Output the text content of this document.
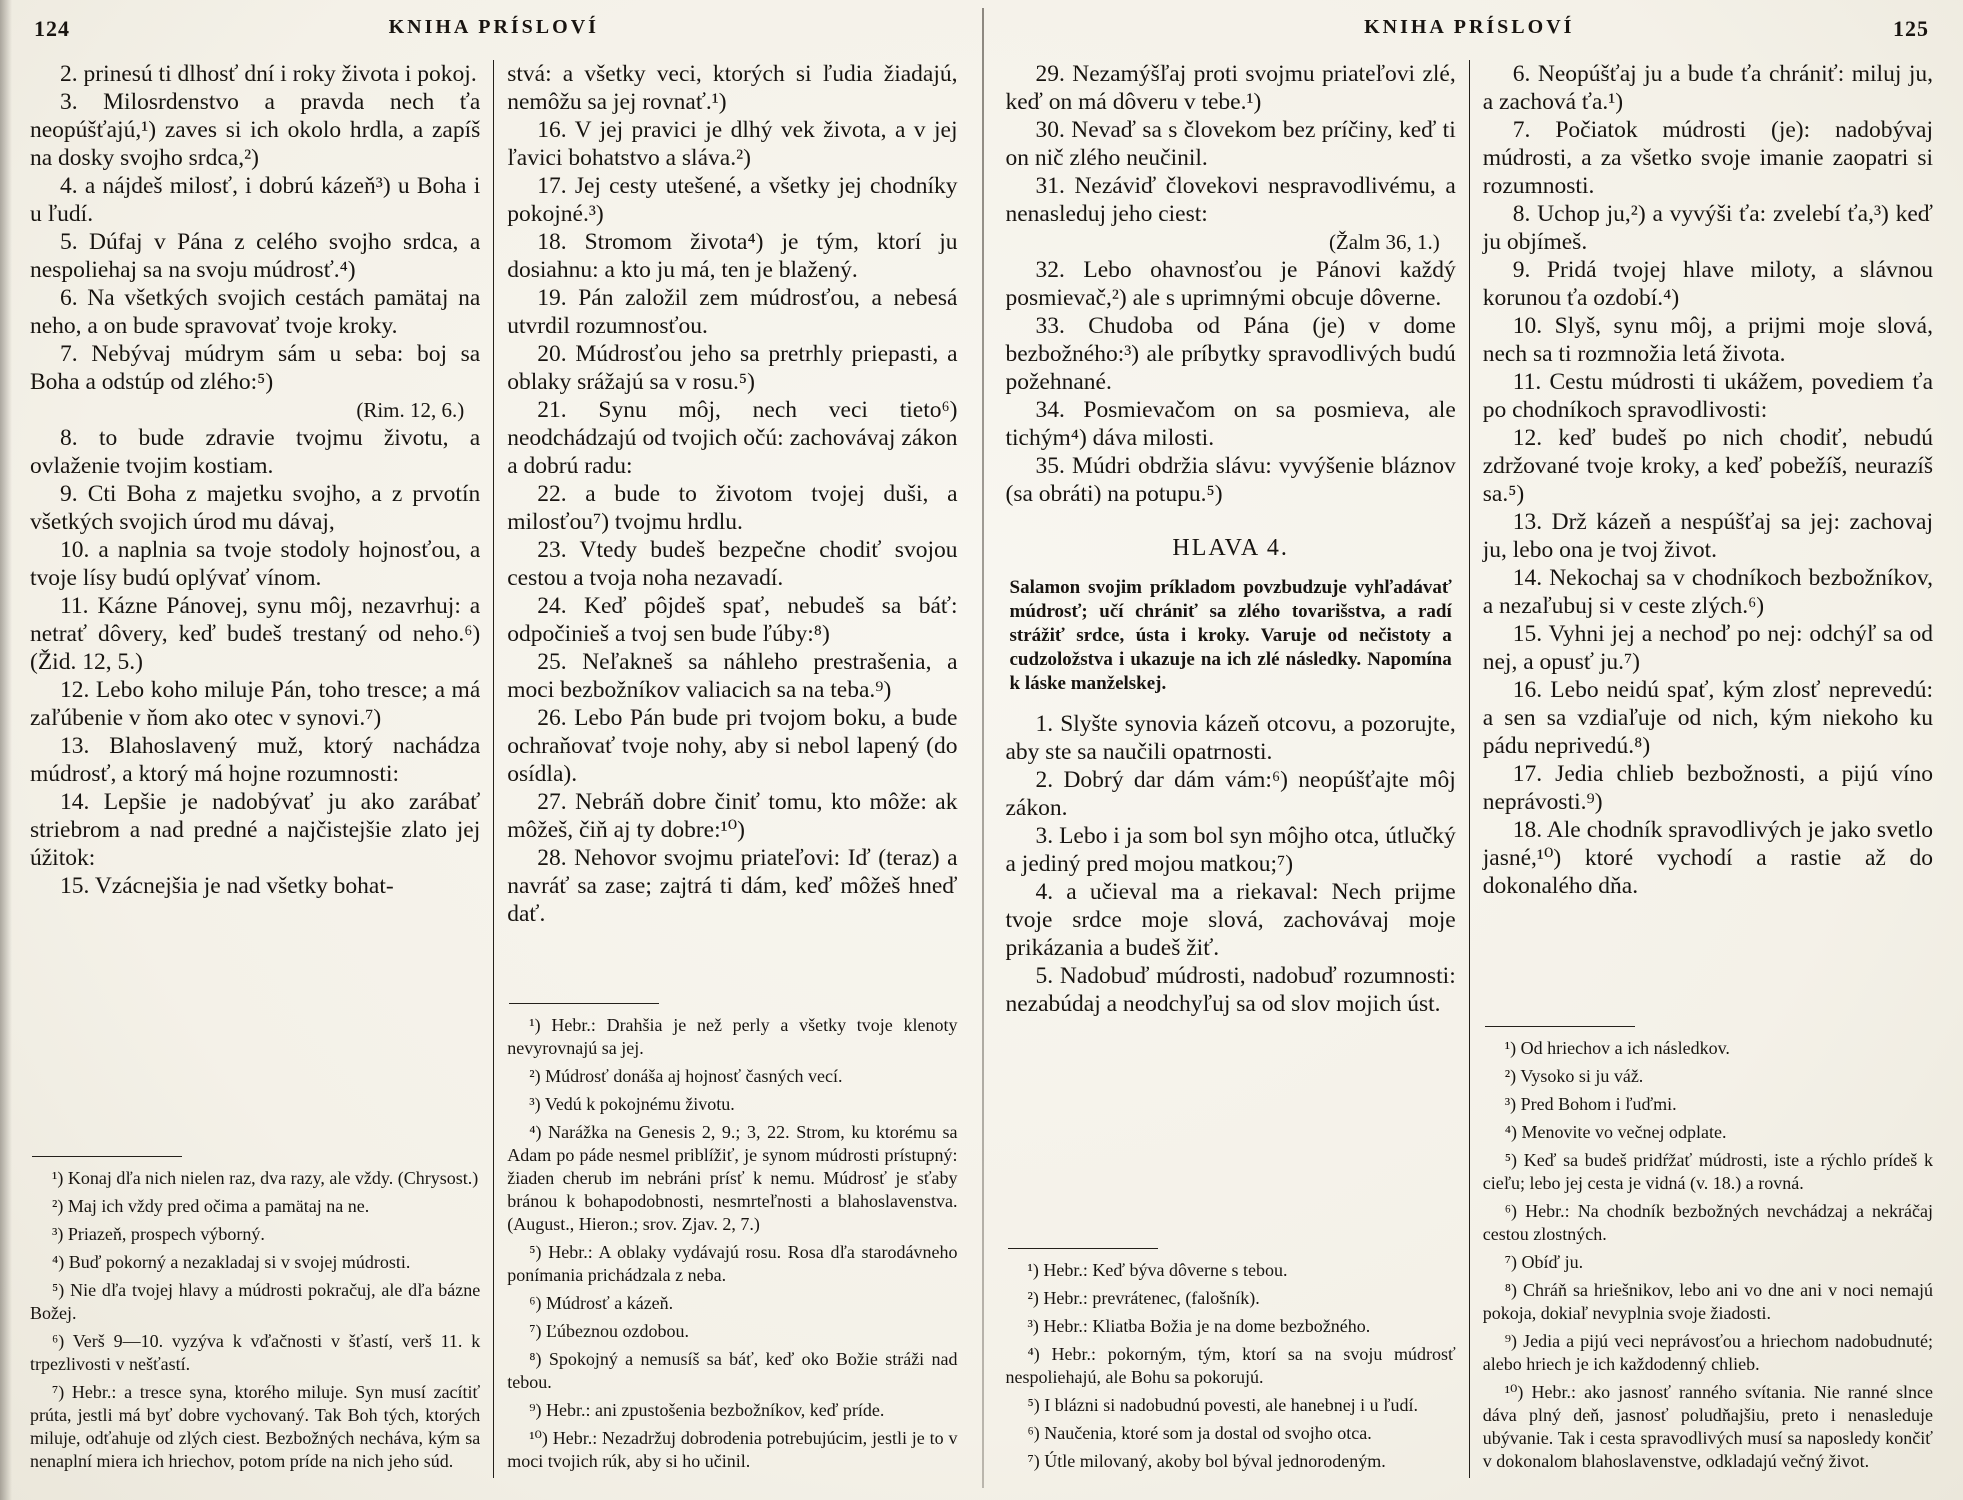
124	KNIHA PRÍSLOVÍ

2. prinesú ti dlhosť dní i roky života i pokoj.

3. Milosrdenstvo a pravda nech ťa neopúšťajú,¹) zaves si ich okolo hrdla, a zapíš na dosky svojho srdca,²)

4. a nájdeš milosť, i dobrú kázeň³) u Boha i u ľudí.

5. Dúfaj v Pána z celého svojho srdca, a nespoliehaj sa na svoju múdrosť.⁴)

6. Na všetkých svojich cestách pamätaj na neho, a on bude spravovať tvoje kroky.

7. Nebývaj múdrym sám u seba: boj sa Boha a odstúp od zlého:⁵)

(Rim. 12, 6.)

8. to bude zdravie tvojmu životu, a ovlaženie tvojim kostiam.

9. Cti Boha z majetku svojho, a z prvotín všetkých svojich úrod mu dávaj,

10. a naplnia sa tvoje stodoly hojnosťou, a tvoje lísy budú oplývať vínom.

11. Kázne Pánovej, synu môj, nezavrhuj: a netrať dôvery, keď budeš trestaný od neho.⁶) (Žid. 12, 5.)

12. Lebo koho miluje Pán, toho tresce; a má zaľúbenie v ňom ako otec v synovi.⁷)

13. Blahoslavený muž, ktorý nachádza múdrosť, a ktorý má hojne rozumnosti:

14. Lepšie je nadobývať ju ako zarábať striebrom a nad predné a najčistejšie zlato jej úžitok:

15. Vzácnejšia je nad všetky bohat-

¹) Konaj dľa nich nielen raz, dva razy, ale vždy. (Chrysost.)

²) Maj ich vždy pred očima a pamätaj na ne.

³) Priazeň, prospech výborný.

⁴) Buď pokorný a nezakladaj si v svojej múdrosti.

⁵) Nie dľa tvojej hlavy a múdrosti pokračuj, ale dľa bázne Božej.

⁶) Verš 9—10. vyzýva k vďačnosti v šťastí, verš 11. k trpezlivosti v nešťastí.

⁷) Hebr.: a tresce syna, ktorého miluje. Syn musí zacítiť prúta, jestli má byť dobre vychovaný. Tak Boh tých, ktorých miluje, odťahuje od zlých ciest. Bezbožných necháva, kým sa nenaplní miera ich hriechov, potom príde na nich jeho súd.

stvá: a všetky veci, ktorých si ľudia žiadajú, nemôžu sa jej rovnať.¹)

16. V jej pravici je dlhý vek života, a v jej ľavici bohatstvo a sláva.²)

17. Jej cesty utešené, a všetky jej chodníky pokojné.³)

18. Stromom života⁴) je tým, ktorí ju dosiahnu: a kto ju má, ten je blažený.

19. Pán založil zem múdrosťou, a nebesá utvrdil rozumnosťou.

20. Múdrosťou jeho sa pretrhly priepasti, a oblaky srážajú sa v rosu.⁵)

21. Synu môj, nech veci tieto⁶) neodchádzajú od tvojich očú: zachovávaj zákon a dobrú radu:

22. a bude to životom tvojej duši, a milosťou⁷) tvojmu hrdlu.

23. Vtedy budeš bezpečne chodiť svojou cestou a tvoja noha nezavadí.

24. Keď pôjdeš spať, nebudeš sa báť: odpočinieš a tvoj sen bude ľúby:⁸)

25. Neľakneš sa náhleho prestrašenia, a moci bezbožníkov valiacich sa na teba.⁹)

26. Lebo Pán bude pri tvojom boku, a bude ochraňovať tvoje nohy, aby si nebol lapený (do osídla).

27. Nebráň dobre činiť tomu, kto môže: ak môžeš, čiň aj ty dobre:¹⁰)

28. Nehovor svojmu priateľovi: Iď (teraz) a navráť sa zase; zajtrá ti dám, keď môžeš hneď dať.

¹) Hebr.: Drahšia je než perly a všetky tvoje klenoty nevyrovnajú sa jej.

²) Múdrosť donáša aj hojnosť časných vecí.

³) Vedú k pokojnému životu.

⁴) Narážka na Genesis 2, 9.; 3, 22. Strom, ku ktorému sa Adam po páde nesmel priblížiť, je synom múdrosti prístupný: žiaden cherub im nebráni prísť k nemu. Múdrosť je sťaby bránou k bohapodobnosti, nesmrteľnosti a blahoslavenstva. (August., Hieron.; srov. Zjav. 2, 7.)

⁵) Hebr.: A oblaky vydávajú rosu. Rosa dľa starodávneho ponímania prichádzala z neba.

⁶) Múdrosť a kázeň.

⁷) Ľúbeznou ozdobou.

⁸) Spokojný a nemusíš sa báť, keď oko Božie stráži nad tebou.

⁹) Hebr.: ani zpustošenia bezbožníkov, keď príde.

¹⁰) Hebr.: Nezadržuj dobrodenia potrebujúcim, jestli je to v moci tvojich rúk, aby si ho učinil.

KNIHA PRÍSLOVÍ	125

29. Nezamýšľaj proti svojmu priateľovi zlé, keď on má dôveru v tebe.¹)

30. Nevaď sa s človekom bez príčiny, keď ti on nič zlého neučinil.

31. Nezáviď človekovi nespravodlivému, a nenasleduj jeho ciest:

(Žalm 36, 1.)

32. Lebo ohavnosťou je Pánovi každý posmievač,²) ale s uprimnými obcuje dôverne.

33. Chudoba od Pána (je) v dome bezbožného:³) ale príbytky spravodlivých budú požehnané.

34. Posmievačom on sa posmieva, ale tichým⁴) dáva milosti.

35. Múdri obdržia slávu: vyvýšenie bláznov (sa obráti) na potupu.⁵)

HLAVA 4.

Salamon svojim príkladom povzbudzuje vyhľadávať múdrosť; učí chrániť sa zlého tovarišstva, a radí strážiť srdce, ústa i kroky. Varuje od nečistoty a cudzoložstva i ukazuje na ich zlé následky. Napomína k láske manželskej.

1. Slyšte synovia kázeň otcovu, a pozorujte, aby ste sa naučili opatrnosti.

2. Dobrý dar dám vám:⁶) neopúšťajte môj zákon.

3. Lebo i ja som bol syn môjho otca, útlučký a jediný pred mojou matkou;⁷)

4. a učieval ma a riekaval: Nech prijme tvoje srdce moje slová, zachovávaj moje prikázania a budeš žiť.

5. Nadobuď múdrosti, nadobuď rozumnosti: nezabúdaj a neodchyľuj sa od slov mojich úst.

¹) Hebr.: Keď býva dôverne s tebou.

²) Hebr.: prevrátenec, (falošník).

³) Hebr.: Kliatba Božia je na dome bezbožného.

⁴) Hebr.: pokorným, tým, ktorí sa na svoju múdrosť nespoliehajú, ale Bohu sa pokorujú.

⁵) I blázni si nadobudnú povesti, ale hanebnej i u ľudí.

⁶) Naučenia, ktoré som ja dostal od svojho otca.

⁷) Útle milovaný, akoby bol býval jednorodeným.

6. Neopúšťaj ju a bude ťa chrániť: miluj ju, a zachová ťa.¹)

7. Počiatok múdrosti (je): nadobývaj múdrosti, a za všetko svoje imanie zaopatri si rozumnosti.

8. Uchop ju,²) a vyvýši ťa: zvelebí ťa,³) keď ju objímeš.

9. Pridá tvojej hlave miloty, a slávnou korunou ťa ozdobí.⁴)

10. Slyš, synu môj, a prijmi moje slová, nech sa ti rozmnožia letá života.

11. Cestu múdrosti ti ukážem, povediem ťa po chodníkoch spravodlivosti:

12. keď budeš po nich chodiť, nebudú zdržované tvoje kroky, a keď pobežíš, neurazíš sa.⁵)

13. Drž kázeň a nespúšťaj sa jej: zachovaj ju, lebo ona je tvoj život.

14. Nekochaj sa v chodníkoch bezbožníkov, a nezaľubuj si v ceste zlých.⁶)

15. Vyhni jej a nechoď po nej: odchýľ sa od nej, a opusť ju.⁷)

16. Lebo neidú spať, kým zlosť neprevedú: a sen sa vzdiaľuje od nich, kým niekoho ku pádu neprivedú.⁸)

17. Jedia chlieb bezbožnosti, a pijú víno neprávosti.⁹)

18. Ale chodník spravodlivých je jako svetlo jasné,¹⁰) ktoré vychodí a rastie až do dokonalého dňa.

¹) Od hriechov a ich následkov.

²) Vysoko si ju váž.

³) Pred Bohom i ľuďmi.

⁴) Menovite vo večnej odplate.

⁵) Keď sa budeš pridŕžať múdrosti, iste a rýchlo prídeš k cieľu; lebo jej cesta je vidná (v. 18.) a rovná.

⁶) Hebr.: Na chodník bezbožných nevchádzaj a nekráčaj cestou zlostných.

⁷) Obíď ju.

⁸) Chráň sa hriešnikov, lebo ani vo dne ani v noci nemajú pokoja, dokiaľ nevyplnia svoje žiadosti.

⁹) Jedia a pijú veci neprávosťou a hriechom nadobudnuté; alebo hriech je ich každodenný chlieb.

¹⁰) Hebr.: ako jasnosť ranného svítania. Nie ranné slnce dáva plný deň, jasnosť poludňajšiu, preto i nenasleduje ubývanie. Tak i cesta spravodlivých musí sa naposledy končiť v dokonalom blahoslavenstve, odkladajú večný život.
